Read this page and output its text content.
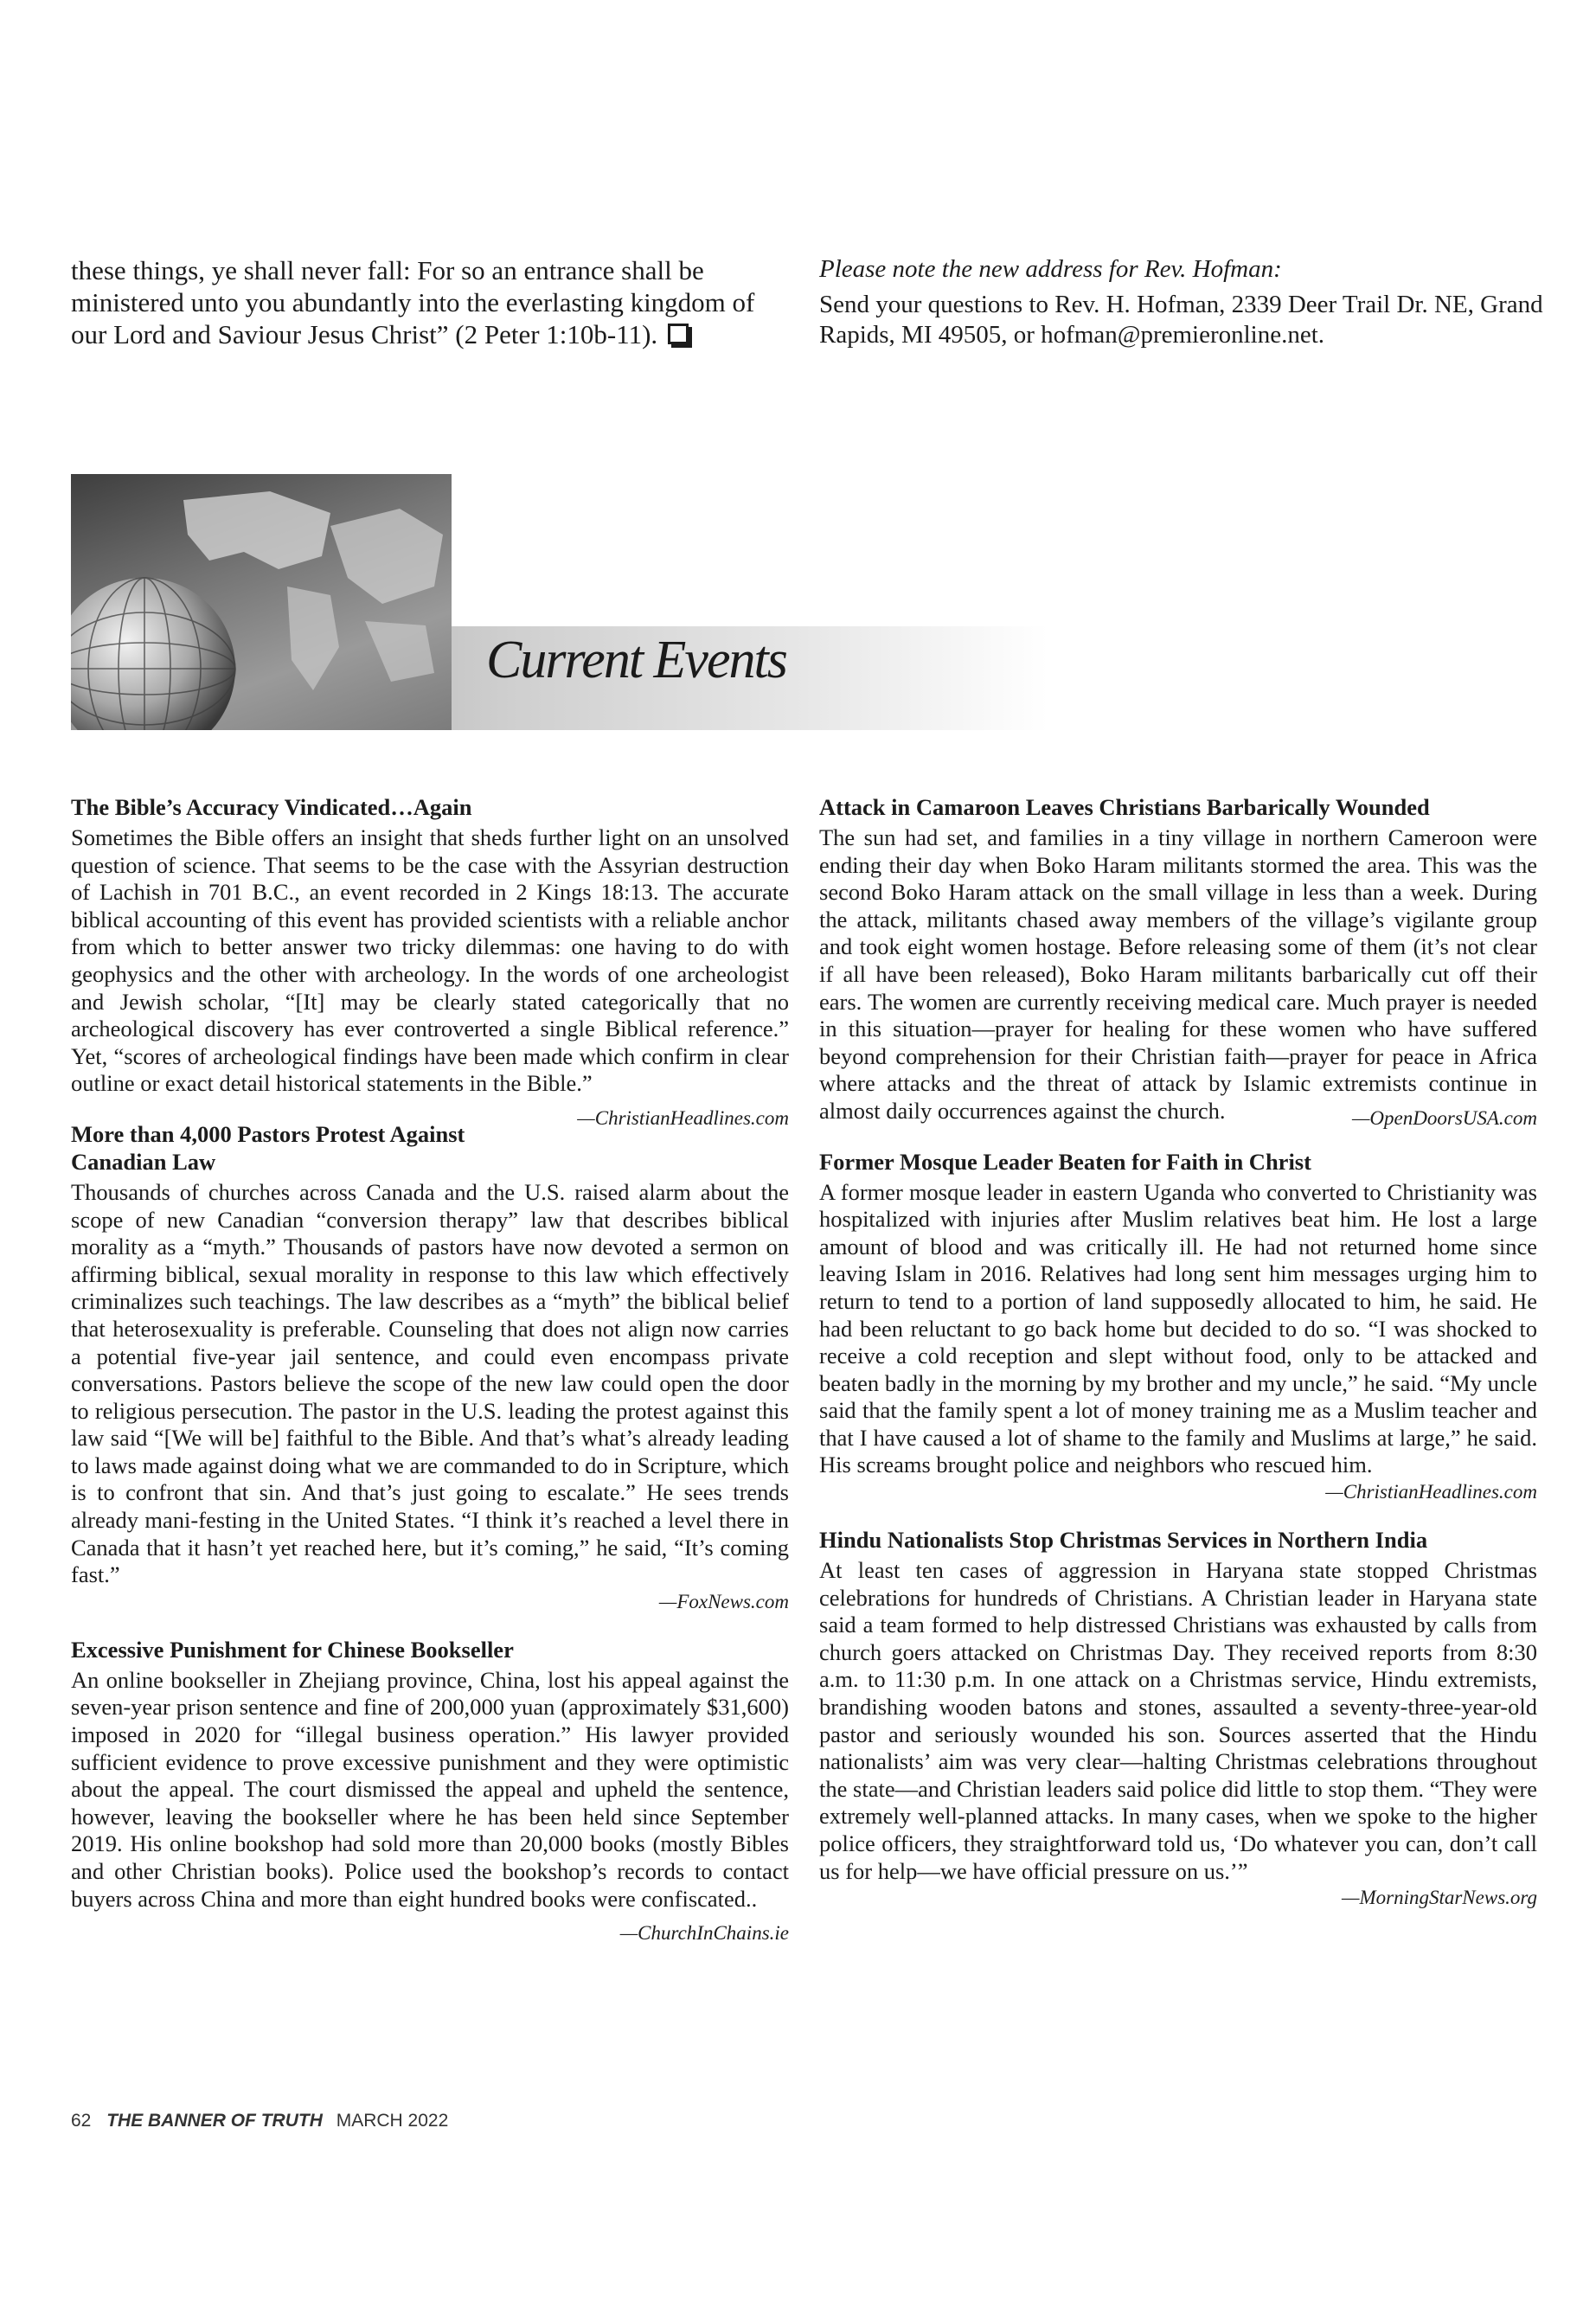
these things, ye shall never fall: For so an entrance shall be ministered unto you abundantly into the everlasting kingdom of our Lord and Saviour Jesus Christ” (2 Peter 1:10b-11).
Please note the new address for Rev. Hofman:
Send your questions to Rev. H. Hofman, 2339 Deer Trail Dr. NE, Grand Rapids, MI 49505, or hofman@premieronline.net.
Current Events
The Bible’s Accuracy Vindicated…Again
Sometimes the Bible offers an insight that sheds further light on an unsolved question of science. That seems to be the case with the Assyrian destruction of Lachish in 701 B.C., an event recorded in 2 Kings 18:13. The accurate biblical accounting of this event has provided scientists with a reliable anchor from which to better answer two tricky dilemmas: one having to do with geophysics and the other with archeology. In the words of one archeologist and Jewish scholar, “[It] may be clearly stated categorically that no archeological discovery has ever controverted a single Biblical reference.” Yet, “scores of archeological findings have been made which confirm in clear outline or exact detail historical statements in the Bible.”
—ChristianHeadlines.com
More than 4,000 Pastors Protest Against Canadian Law
Thousands of churches across Canada and the U.S. raised alarm about the scope of new Canadian “conversion therapy” law that describes biblical morality as a “myth.” Thousands of pastors have now devoted a sermon on affirming biblical, sexual morality in response to this law which effectively criminalizes such teachings. The law describes as a “myth” the biblical belief that heterosexuality is preferable. Counseling that does not align now carries a potential five-year jail sentence, and could even encompass private conversations. Pastors believe the scope of the new law could open the door to religious persecution. The pastor in the U.S. leading the protest against this law said “[We will be] faithful to the Bible. And that’s what’s already leading to laws made against doing what we are commanded to do in Scripture, which is to confront that sin. And that’s just going to escalate.” He sees trends already mani-festing in the United States. “I think it’s reached a level there in Canada that it hasn’t yet reached here, but it’s coming,” he said, “It’s coming fast.”
—FoxNews.com
Excessive Punishment for Chinese Bookseller
An online bookseller in Zhejiang province, China, lost his appeal against the seven-year prison sentence and fine of 200,000 yuan (approximately $31,600) imposed in 2020 for “illegal business operation.” His lawyer provided sufficient evidence to prove excessive punishment and they were optimistic about the appeal. The court dismissed the appeal and upheld the sentence, however, leaving the bookseller where he has been held since September 2019. His online bookshop had sold more than 20,000 books (mostly Bibles and other Christian books). Police used the bookshop’s records to contact buyers across China and more than eight hundred books were confiscated..
—ChurchInChains.ie
Attack in Camaroon Leaves Christians Barbarically Wounded
The sun had set, and families in a tiny village in northern Cameroon were ending their day when Boko Haram militants stormed the area. This was the second Boko Haram attack on the small village in less than a week. During the attack, militants chased away members of the village’s vigilante group and took eight women hostage. Before releasing some of them (it’s not clear if all have been released), Boko Haram militants barbarically cut off their ears. The women are currently receiving medical care. Much prayer is needed in this situation—prayer for healing for these women who have suffered beyond comprehension for their Christian faith—prayer for peace in Africa where attacks and the threat of attack by Islamic extremists continue in almost daily occurrences against the church.	—OpenDoorsUSA.com
Former Mosque Leader Beaten for Faith in Christ
A former mosque leader in eastern Uganda who converted to Christianity was hospitalized with injuries after Muslim relatives beat him. He lost a large amount of blood and was critically ill. He had not returned home since leaving Islam in 2016. Relatives had long sent him messages urging him to return to tend to a portion of land supposedly allocated to him, he said. He had been reluctant to go back home but decided to do so. “I was shocked to receive a cold reception and slept without food, only to be attacked and beaten badly in the morning by my brother and my uncle,” he said. “My uncle said that the family spent a lot of money training me as a Muslim teacher and that I have caused a lot of shame to the family and Muslims at large,” he said. His screams brought police and neighbors who rescued him.
—ChristianHeadlines.com
Hindu Nationalists Stop Christmas Services in Northern India
At least ten cases of aggression in Haryana state stopped Christmas celebrations for hundreds of Christians. A Christian leader in Haryana state said a team formed to help distressed Christians was exhausted by calls from church goers attacked on Christmas Day. They received reports from 8:30 a.m. to 11:30 p.m. In one attack on a Christmas service, Hindu extremists, brandishing wooden batons and stones, assaulted a seventy-three-year-old pastor and seriously wounded his son. Sources asserted that the Hindu nationalists’ aim was very clear—halting Christmas celebrations throughout the state—and Christian leaders said police did little to stop them. “They were extremely well-planned attacks. In many cases, when we spoke to the higher police officers, they straightforward told us, ‘Do whatever you can, don’t call us for help—we have official pressure on us.’”
—MorningStarNews.org
62 THE BANNER OF TRUTH MARCH 2022
